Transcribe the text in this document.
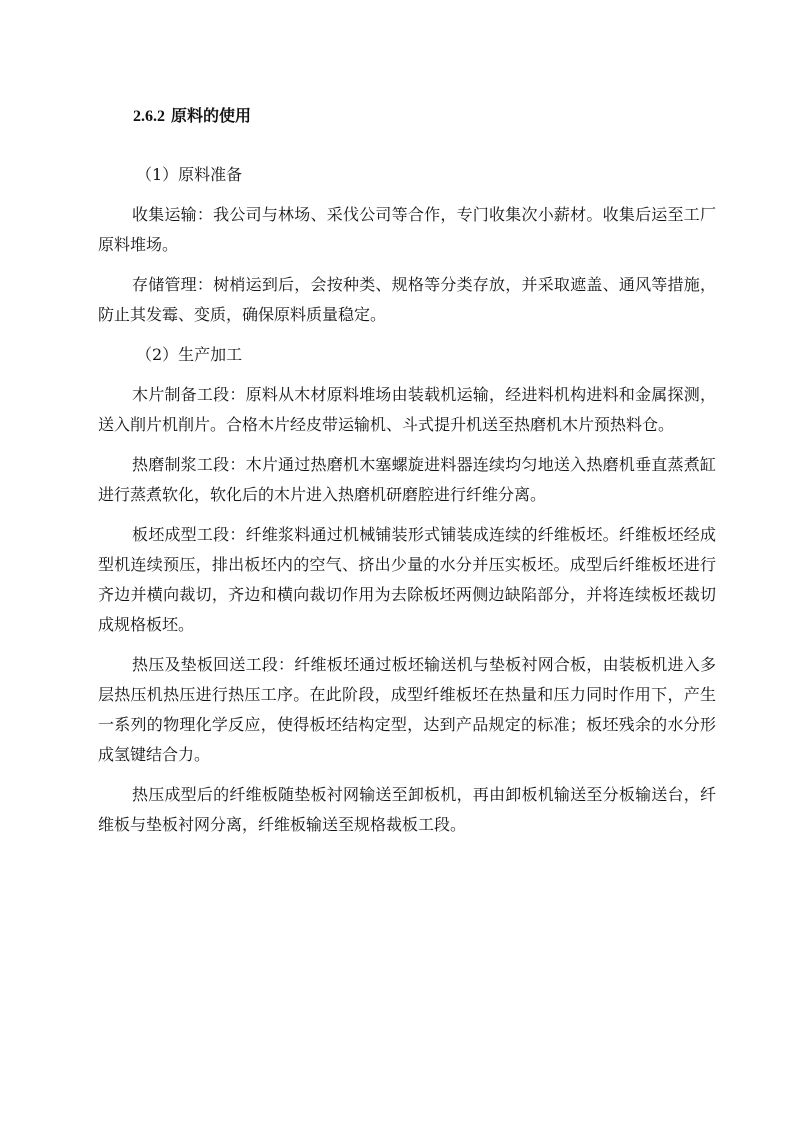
2.6.2 原料的使用

（1）原料准备

收集运输：我公司与林场、采伐公司等合作，专门收集次小薪材。收集后运至工厂原料堆场。

存储管理：树梢运到后，会按种类、规格等分类存放，并采取遮盖、通风等措施，防止其发霉、变质，确保原料质量稳定。

（2）生产加工

木片制备工段：原料从木材原料堆场由装载机运输，经进料机构进料和金属探测，送入削片机削片。合格木片经皮带运输机、斗式提升机送至热磨机木片预热料仓。

热磨制浆工段：木片通过热磨机木塞螺旋进料器连续均匀地送入热磨机垂直蒸煮缸进行蒸煮软化，软化后的木片进入热磨机研磨腔进行纤维分离。

板坯成型工段：纤维浆料通过机械铺装形式铺装成连续的纤维板坯。纤维板坯经成型机连续预压，排出板坯内的空气、挤出少量的水分并压实板坯。成型后纤维板坯进行齐边并横向裁切，齐边和横向裁切作用为去除板坯两侧边缺陷部分，并将连续板坯裁切成规格板坯。

热压及垫板回送工段：纤维板坯通过板坯输送机与垫板衬网合板，由装板机进入多层热压机热压进行热压工序。在此阶段，成型纤维板坯在热量和压力同时作用下，产生一系列的物理化学反应，使得板坯结构定型，达到产品规定的标准；板坯残余的水分形成氢键结合力。

热压成型后的纤维板随垫板衬网输送至卸板机，再由卸板机输送至分板输送台，纤维板与垫板衬网分离，纤维板输送至规格裁板工段。
